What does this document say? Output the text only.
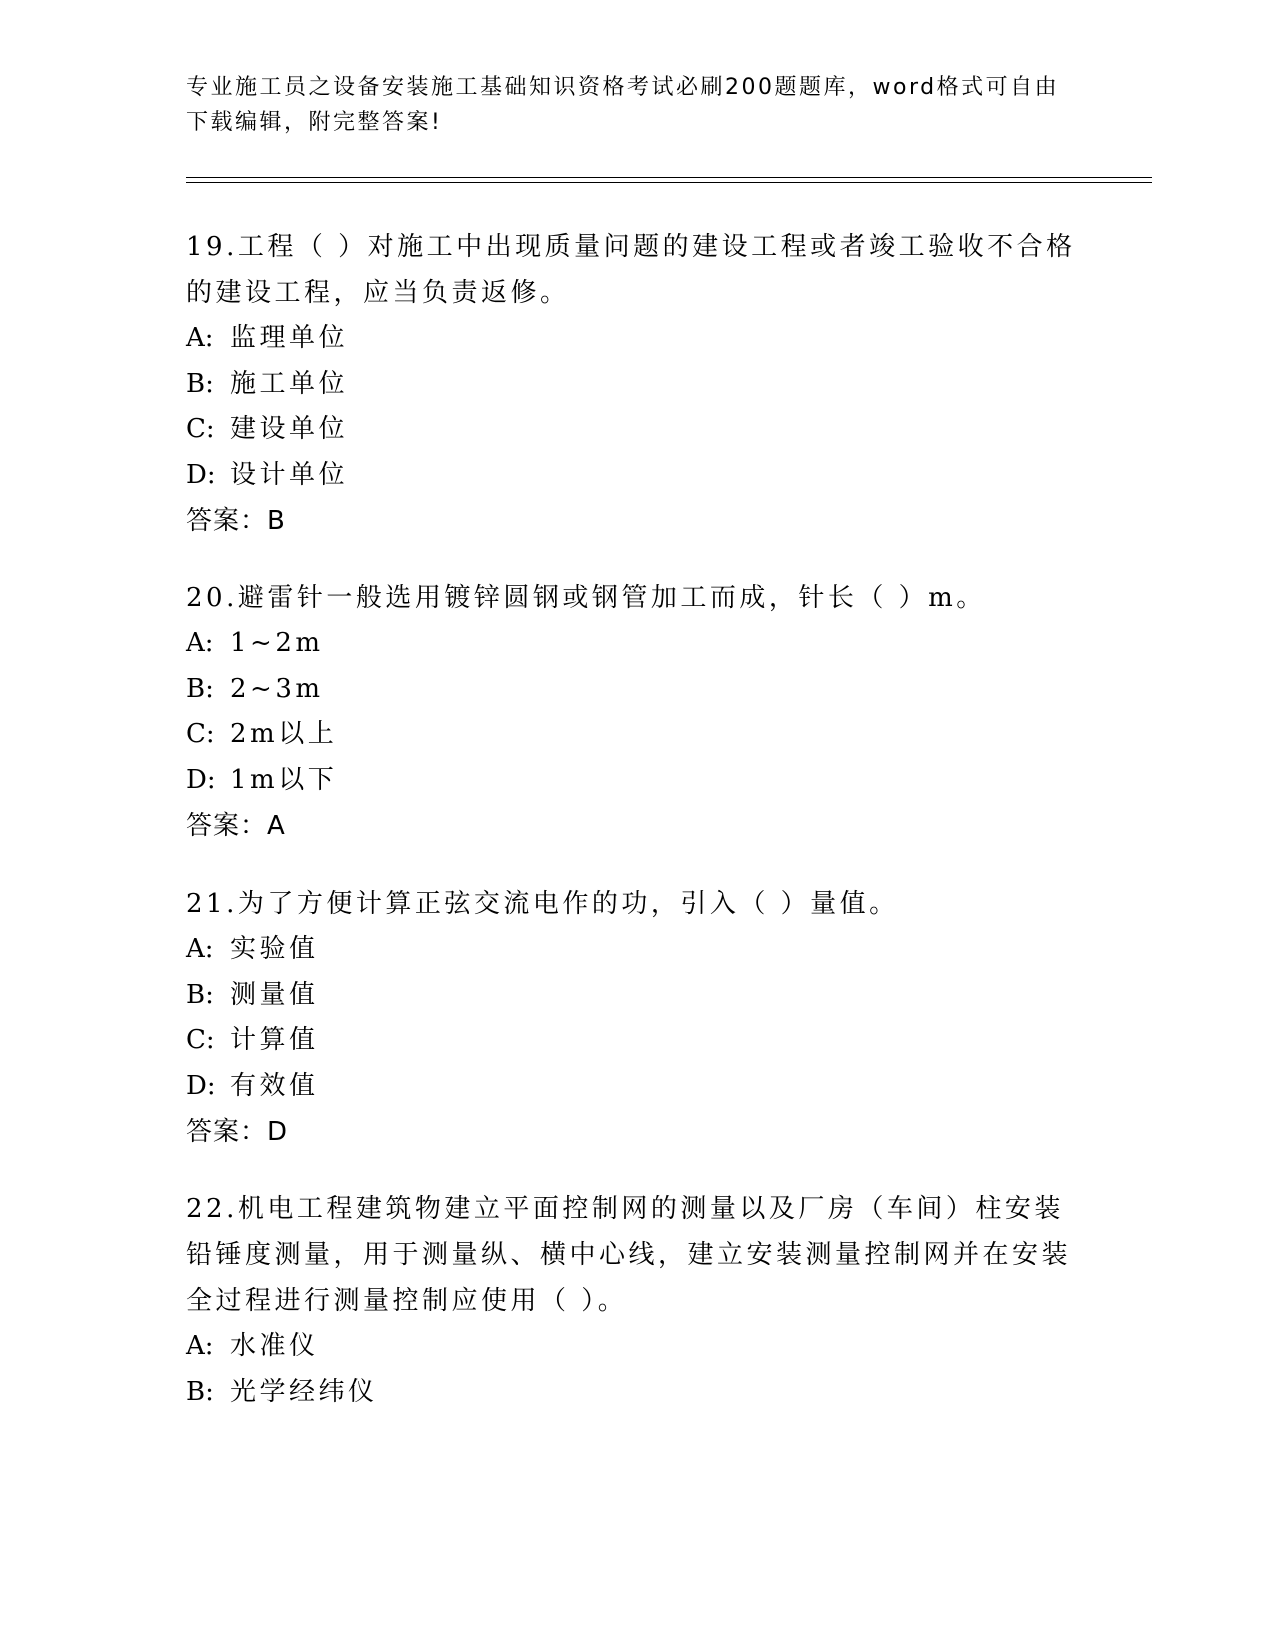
专业施工员之设备安装施工基础知识资格考试必刷200题题库，word格式可自由下载编辑，附完整答案!

19.工程（ ）对施工中出现质量问题的建设工程或者竣工验收不合格的建设工程，应当负责返修。

A: 监理单位

B: 施工单位

C: 建设单位

D: 设计单位

答案：B

20.避雷针一般选用镀锌圆钢或钢管加工而成，针长（ ）m。

A: 1~2m

B: 2~3m

C: 2m以上

D: 1m以下

答案：A

21.为了方便计算正弦交流电作的功，引入（ ）量值。

A: 实验值

B: 测量值

C: 计算值

D: 有效值

答案：D

22.机电工程建筑物建立平面控制网的测量以及厂房（车间）柱安装铅锤度测量，用于测量纵、横中心线，建立安装测量控制网并在安装全过程进行测量控制应使用（ ）。

A: 水准仪

B: 光学经纬仪
